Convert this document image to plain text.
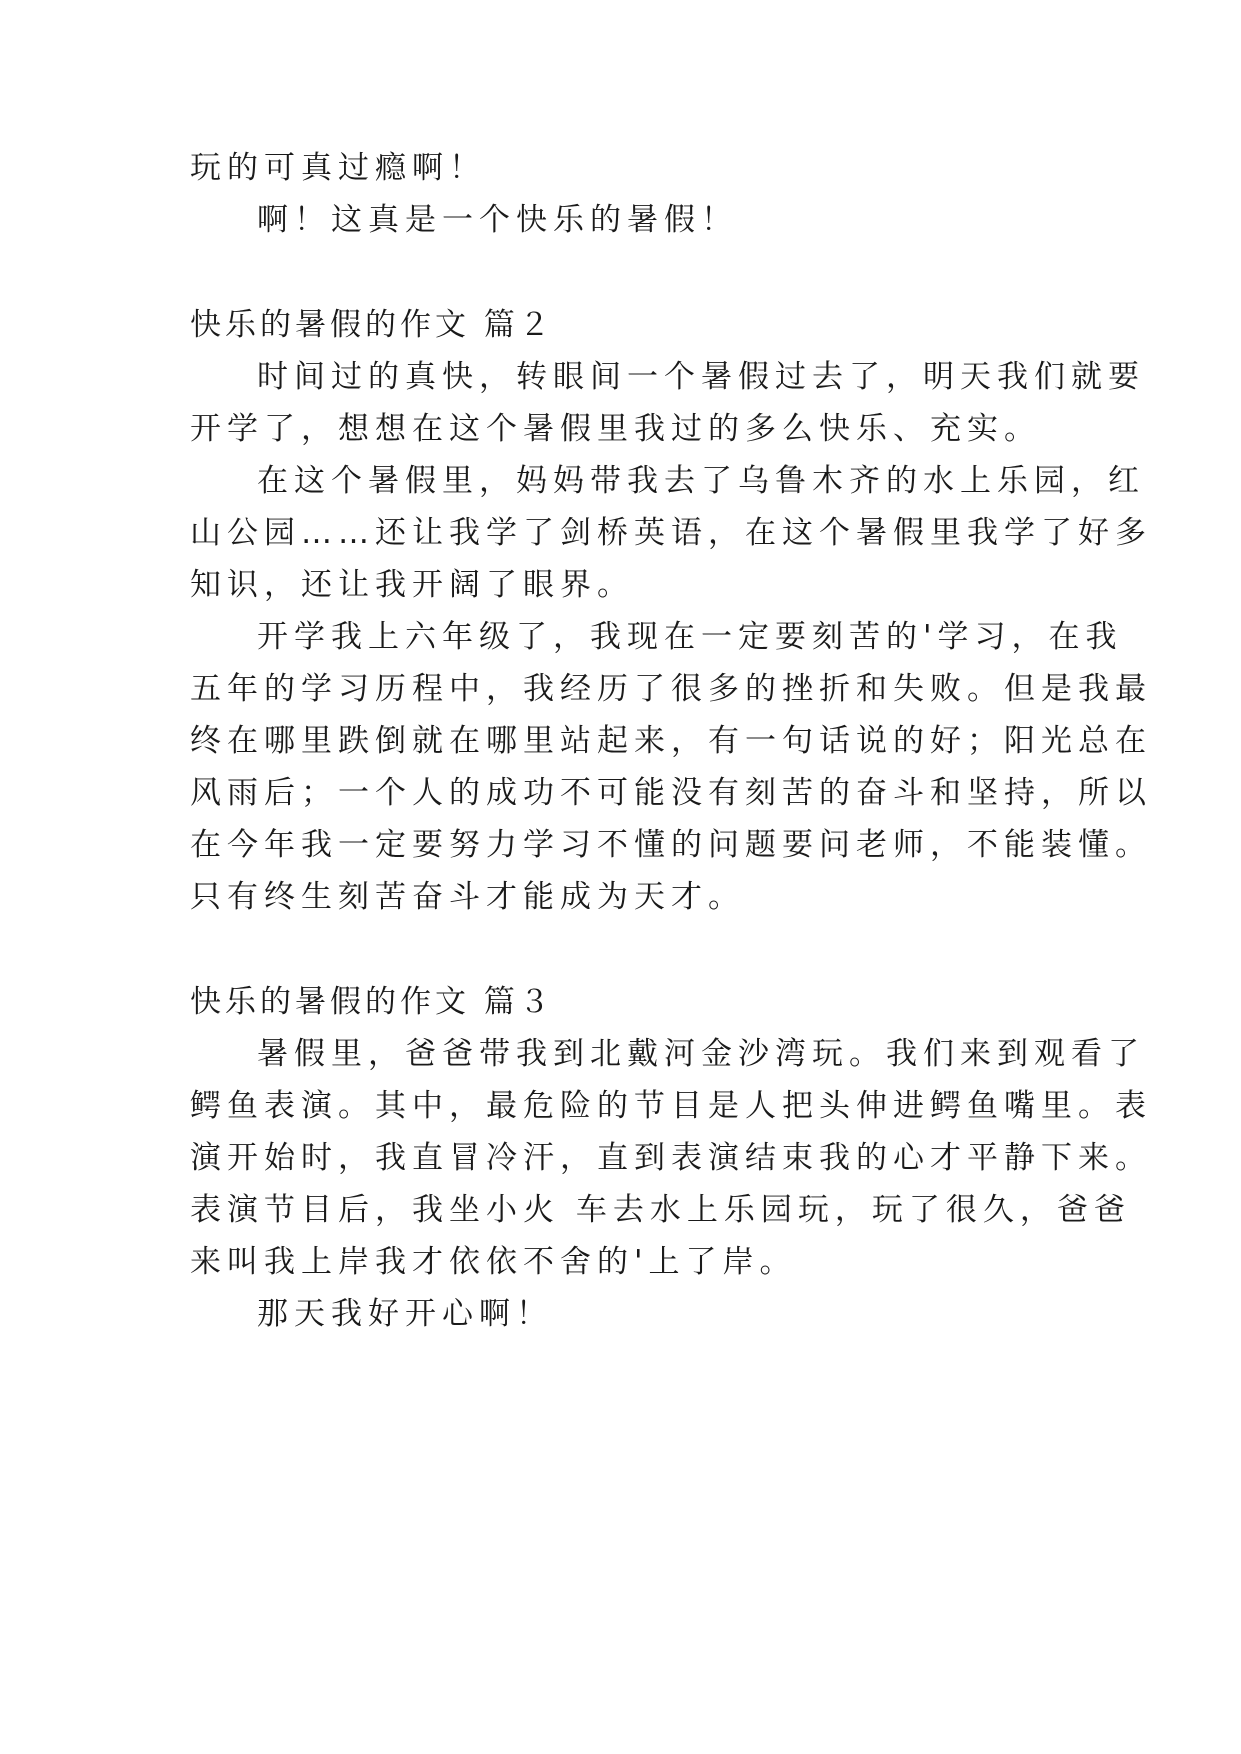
玩的可真过瘾啊！
啊！这真是一个快乐的暑假！
快乐的暑假的作文 篇２
时间过的真快，转眼间一个暑假过去了，明天我们就要
开学了，想想在这个暑假里我过的多么快乐、充实。
在这个暑假里，妈妈带我去了乌鲁木齐的水上乐园，红
山公园……还让我学了剑桥英语，在这个暑假里我学了好多
知识，还让我开阔了眼界。
开学我上六年级了，我现在一定要刻苦的'学习，在我
五年的学习历程中，我经历了很多的挫折和失败。但是我最
终在哪里跌倒就在哪里站起来，有一句话说的好；阳光总在
风雨后；一个人的成功不可能没有刻苦的奋斗和坚持，所以
在今年我一定要努力学习不懂的问题要问老师，不能装懂。
只有终生刻苦奋斗才能成为天才。
快乐的暑假的作文 篇３
暑假里，爸爸带我到北戴河金沙湾玩。我们来到观看了
鳄鱼表演。其中，最危险的节目是人把头伸进鳄鱼嘴里。表
演开始时，我直冒冷汗，直到表演结束我的心才平静下来。
表演节目后，我坐小火 车去水上乐园玩，玩了很久，爸爸
来叫我上岸我才依依不舍的'上了岸。
那天我好开心啊！
